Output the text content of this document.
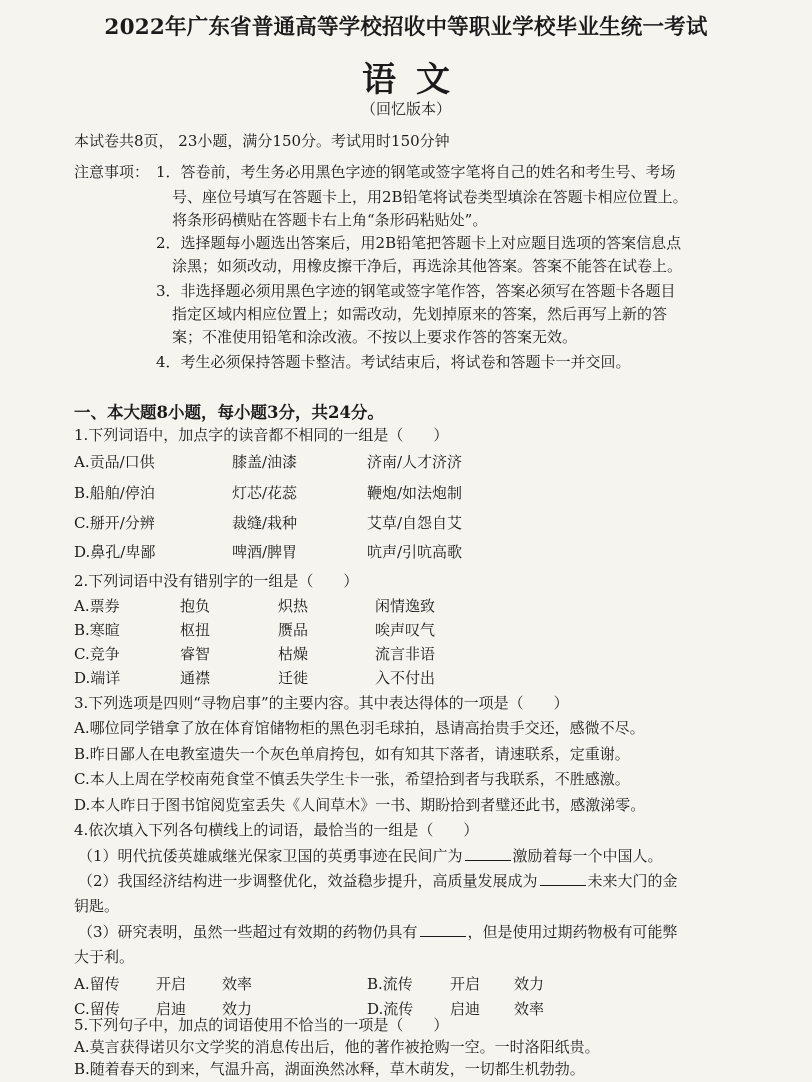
2022年广东省普通高等学校招收中等职业学校毕业生统一考试
语文
（回忆版本）
本试卷共8页， 23小题，满分150分。考试用时150分钟
注意事项： 1．答卷前，考生务必用黑色字迹的钢笔或签字笔将自己的姓名和考生号、考场
号、座位号填写在答题卡上，用2B铅笔将试卷类型填涂在答题卡相应位置上。
将条形码横贴在答题卡右上角“条形码粘贴处”。
2．选择题每小题选出答案后，用2B铅笔把答题卡上对应题目选项的答案信息点
涂黑；如须改动，用橡皮擦干净后，再选涂其他答案。答案不能答在试卷上。
3．非选择题必须用黑色字迹的钢笔或签字笔作答，答案必须写在答题卡各题目
指定区域内相应位置上；如需改动，先划掉原来的答案，然后再写上新的答
案；不准使用铅笔和涂改液。不按以上要求作答的答案无效。
4．考生必须保持答题卡整洁。考试结束后，将试卷和答题卡一并交回。
一、本大题8小题，每小题3分，共24分。
1.下列词语中，加点字的读音都不相同的一组是（　　）
A.贡品/口供	膝盖/油漆	济南/人才济济
B.船舶/停泊	灯芯/花蕊	鞭炮/如法炮制
C.掰开/分辨	裁缝/栽种	艾草/自怨自艾
D.鼻孔/卑鄙	啤酒/脾胃	吭声/引吭高歌
2.下列词语中没有错别字的一组是（　　）
A.票券	抱负	炽热	闲情逸致
B.寒暄	枢扭	赝品	唉声叹气
C.竞争	睿智	枯燥	流言非语
D.端详	通襟	迁徙	入不付出
3.下列选项是四则“寻物启事”的主要内容。其中表达得体的一项是（　　）
A.哪位同学错拿了放在体育馆储物柜的黑色羽毛球拍，恳请高抬贵手交还，感微不尽。
B.昨日鄙人在电教室遗失一个灰色单肩挎包，如有知其下落者，请速联系，定重谢。
C.本人上周在学校南苑食堂不慎丢失学生卡一张，希望拾到者与我联系，不胜感激。
D.本人昨日于图书馆阅览室丢失《人间草木》一书、期盼拾到者璧还此书，感激涕零。
4.依次填入下列各句横线上的词语，最恰当的一组是（　　）
（1）明代抗倭英雄戚继光保家卫国的英勇事迹在民间广为	激励着每一个中国人。
（2）我国经济结构进一步调整优化，效益稳步提升，高质量发展成为	未来大门的金
钥匙。
（3）研究表明，虽然一些超过有效期的药物仍具有	，但是使用过期药物极有可能弊
大于利。
A.留传 开启 效率	B.流传 开启 效力
C.留传 启迪 效力	D.流传 启迪 效率
5.下列句子中，加点的词语使用不恰当的一项是（　　）
A.莫言获得诺贝尔文学奖的消息传出后，他的著作被抢购一空。一时洛阳纸贵。
B.随着春天的到来，气温升高，湖面涣然冰释，草木萌发，一切都生机勃勃。
